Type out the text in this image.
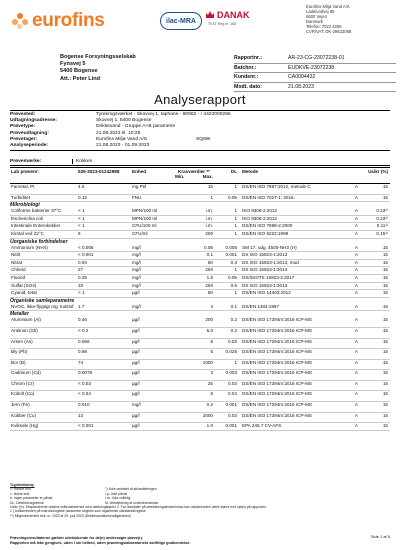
eurofins	ilac-MRA
DANAK
TEST Reg.nr. 168
Eurofins Miljø Vand A/S
Ladelundvej 85
6600 Vejen
Danmark
Telefon: 7022 4256
CVR/VAT: DK-29822088
Bogense Forsyningsselskab
Fynsvej 5
5400 Bogense
Att.: Peter Lind
Rapportnr.:	AR-23-CG-23072238-01
Batchnr.:	EUDKVE-23072238
Kundenr.:	CA0004432
Modt. dato:	21.08.2023
Analyserapport
Prøvested:	Tyrekrogsværket - Skovvej 1, taphane - 80982 - / 4423000296
Udtagningsadresse:	Skovvej 1, 5400 Bogense
Prøvetype:	Drikkevand - Gruppe A+B parametre
Prøveudtagning:	21.08.2023 kl. 10:25
Prøvetager:	Eurofins Miljø Vand A/S	SQ6W
Analyseperiode:	21.08.2023 - 01.09.2023
Prøvemærke:	Kokken
Lab prøvenr:	535-2023-01242988	Enhed	Kravværdier **
Min.	Max.
DL	Metode	Usikr (%)
Farvetal, Pt	4.5	mg Pt/l	15	1	DS/EN ISO 7887:2012, metode C	A	15
Turbiditet	0.12	FNU	1	0.05	DS/EN ISO 7027-1: 2016.	A	15
Mikrobiologi
Coliforme bakterier 37°C	< 1	MPN/100 ml	i.m.	1	ISO 9308-2:2012	A	0.23¹⁾
Escherichia coli	< 1	MPN/100 ml	i.m.	1	ISO 9308-2:2012	A	0.23¹⁾
Intestinale Enterokokker	< 1	CFU/100 ml	i.m.	1	DS/EN ISO 7899-2:2000	A	0.11¹⁾
Kimtal ved 22°C	6	CFU/ml	200	1	DS/EN ISO 6222:1999	A	0.15¹⁾
Uorganiske forbindelser
Ammonium (NH4)	< 0.005	mg/l	0.05	0.005	SM 17. udg. 4500-NH3 (H)	A	15
Nitrit	< 0.001	mg/l	0.1	0.001	DS ISO 15923-1:2013	A	15
Nitrat	0.93	mg/l	50	0.3	DS ISO 15923-1:2013, mod	A	15
Chlorid	27	mg/l	250	1	DS ISO 15923-1:2013	A	15
Fluorid	0.25	mg/l	1.5	0.05	DS/ISO/TS 15923-2:2017	A	15
Sulfat (SO4)	33	mg/l	250	0.5	DS ISO 15923-1:2013	A	15
Cyanid, totat	< 1	µg/l	50	1	DS/EN ISO 14403:2012	A	15
Organiske samleparametre
NVOC, ikke-flygtigt org. kulstof 1.7	mg/l	4	0.1	DS/EN 1484:1997	A	15
Metaller
Aluminium (Al)	0.46	µg/l	200	0.2	DS/EN ISO 17294m:2016 ICP-MS	A	15
Antimon (Sb)	< 0.2	µg/l	5.0	0.2	DS/EN ISO 17294m:2016 ICP-MS	A	15
Arsen (As)	0.066	µg/l	5	0.03	DS/EN ISO 17294m:2016 ICP-MS	A	15
Bly (Pb)	0.88	µg/l	5	0.025	DS/EN ISO 17294m:2016 ICP-MS	A	15
Bor (B)	74	µg/l	1000	1	DS/EN ISO 17294m:2016 ICP-MS	A	15
Cadmium (Cd)	0.0079	µg/l	3	0.003	DS/EN ISO 17294m:2016 ICP-MS	A	15
Chrom (Cr)	< 0.03	µg/l	25	0.03	DS/EN ISO 17294m:2016 ICP-MS	A	15
Kobolt (Co)	< 0.04	µg/l	5	0.04	DS/EN ISO 17294m:2016 ICP-MS	A	15
Jern (Fe)	0.010	mg/l	0.2	0.001	DS/EN ISO 17294m:2016 ICP-MS	A	15
Kobber (Cu)	13	µg/l	2000	0.03	DS/EN ISO 17294m:2016 ICP-MS	A	15
Kviksølv (Hg)	< 0.001	µg/l	1.0	0.001	EPA 245.7 CV-AFS	A	15
Tegnforklaring:
<: mindre end
>: større end
#: Ingen parameter er påvist
DL: Detektionsgrænse
°): Ikke omfattet af akkrediteringen
i.p.: ikke påvist
i.m.: Ikke målelig
M: Ultrafyldning af underleverandør
Usikr (%): Ekspanderede relative måleusikkerhed med dækningsfaktor 2. For resultater på detektionsgrænseniveau kan usikkerheden være større end oplyst på rapporten.
1 ) Usikkerheden på mikrobiologiske parametre angives som logaritmisk standardafvigelse.
**) Miljøministeriets bek. nr. 1023 af 29. juni 2023 (Drikkevandsbekendtgørelsen)
Prøvningsresultaterne gælder udelukkende for de(n) undersøgte prøve(r).
Rapporten må ikke gengives, uden i sin helhed, uden prøvningslaboratoriets skriftlige godkendelse.
Side 1 af 5
